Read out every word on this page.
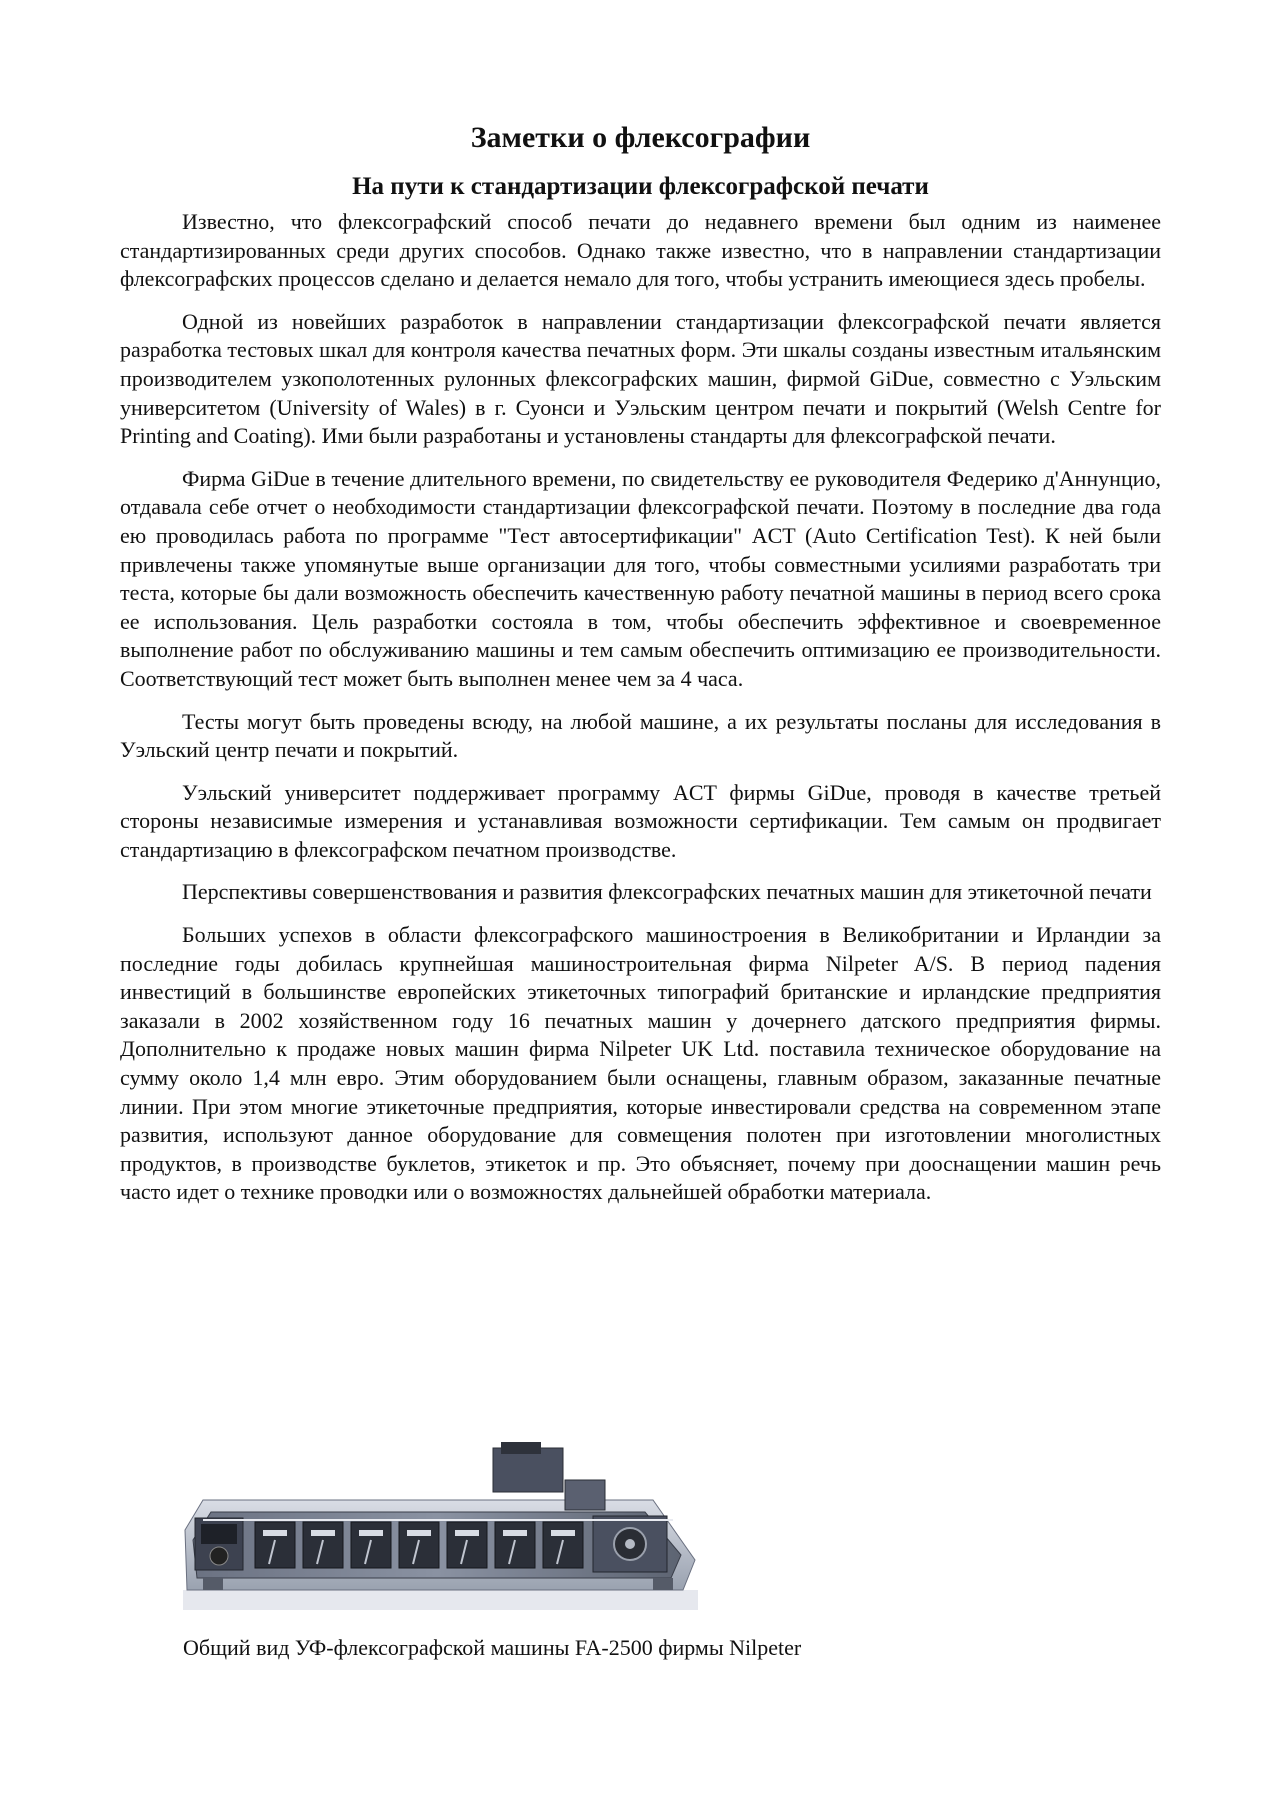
Заметки о флексографии
На пути к стандартизации флексографской печати

Известно, что флексографский способ печати до недавнего времени был одним из наименее стандартизированных среди других способов. Однако также известно, что в направлении стандартизации флексографских процессов сделано и делается немало для того, чтобы устранить имеющиеся здесь пробелы.

Одной из новейших разработок в направлении стандартизации флексографской печати является разработка тестовых шкал для контроля качества печатных форм. Эти шкалы созданы известным итальянским производителем узкополотенных рулонных флексографских машин, фирмой GiDue, совместно с Уэльским университетом (University of Wales) в г. Суонси и Уэльским центром печати и покрытий (Welsh Centre for Printing and Coating). Ими были разработаны и установлены стандарты для флексографской печати.

Фирма GiDue в течение длительного времени, по свидетельству ее руководителя Федерико д'Аннунцио, отдавала себе отчет о необходимости стандартизации флексографской печати. Поэтому в последние два года ею проводилась работа по программе "Тест автосертификации" ACT (Auto Certification Test). К ней были привлечены также упомянутые выше организации для того, чтобы совместными усилиями разработать три теста, которые бы дали возможность обеспечить качественную работу печатной машины в период всего срока ее использования. Цель разработки состояла в том, чтобы обеспечить эффективное и своевременное выполнение работ по обслуживанию машины и тем самым обеспечить оптимизацию ее производительности. Соответствующий тест может быть выполнен менее чем за 4 часа.

Тесты могут быть проведены всюду, на любой машине, а их результаты посланы для исследования в Уэльский центр печати и покрытий.

Уэльский университет поддерживает программу ACT фирмы GiDue, проводя в качестве третьей стороны независимые измерения и устанавливая возможности сертификации. Тем самым он продвигает стандартизацию в флексографском печатном производстве.

Перспективы совершенствования и развития флексографских печатных машин для этикеточной печати

Больших успехов в области флексографского машиностроения в Великобритании и Ирландии за последние годы добилась крупнейшая машиностроительная фирма Nilpeter A/S. В период падения инвестиций в большинстве европейских этикеточных типографий британские и ирландские предприятия заказали в 2002 хозяйственном году 16 печатных машин у дочернего датского предприятия фирмы. Дополнительно к продаже новых машин фирма Nilpeter UK Ltd. поставила техническое оборудование на сумму около 1,4 млн евро. Этим оборудованием были оснащены, главным образом, заказанные печатные линии. При этом многие этикеточные предприятия, которые инвестировали средства на современном этапе развития, используют данное оборудование для совмещения полотен при изготовлении многолистных продуктов, в производстве буклетов, этикеток и пр. Это объясняет, почему при дооснащении машин речь часто идет о технике проводки или о возможностях дальнейшей обработки материала.

Общий вид УФ-флексографской машины FA-2500 фирмы Nilpeter
